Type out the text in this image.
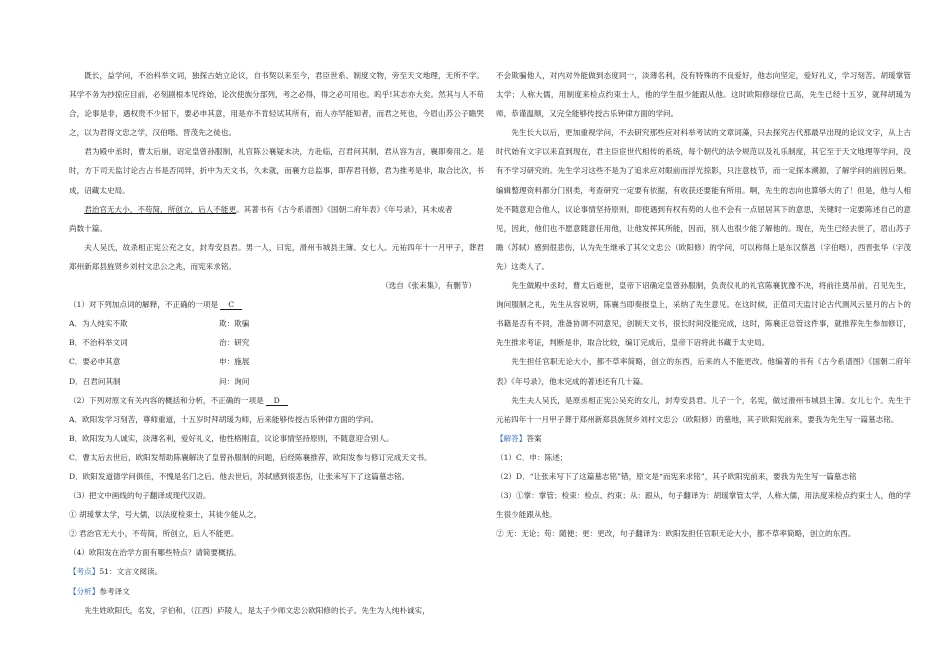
既长，益学问，不治科举文词，独探古始立论议，自书契以来至今，君臣世系、制度文物，旁至天文地理，无所不学。其学不务为抄掠应目前，必刻剧根本见终始，论次使族分部列，考之必得，得之必可用也。呜乎!其志亦大矣。然其与人不苟合，论事是非，遇权贵不少屈下，要必申其意，用是亦不肯轻试其所有，而人亦罕能知者，而君之死也，今眉山苏公子瞻哭之，以为君得文忠之学，汉伯喈、晋茂先之徒也。

君为殿中丞时，曹太后崩，诏定皇曾孙服制，礼官陈公襄疑未决，方赴临，召君问其制，君从容为言，襄即奏用之。是时，方下司天监讨论古占书是否同异，折中为天文书，久未就，而襄方总监事，即荐君刊修，君为推考是非，取合比次，书成，诏藏太史局。

君治官无大小，不苟简，所创立，后人不能更。其著书有《古今系谱图》《国朝二府年表》《年号录》，其未成者

尚数十篇。

夫人吴氏，故杀相正宪公充之女，封寿安县君。男一人，曰宪，滑州韦城县主簿。女七人。元祐四年十一月甲子，葬君郑州新郑县旌贤乡刘村文忠公之兆，而宪来求铭。

（选自《张耒集》，有删节）

（1）对下列加点词的解释，不正确的一项是 C

A．为人纯实不欺	欺：欺骗

B．不治科举文词	治：研究

C．要必申其意	申：施展

D．召君问其制	问：询问

（2）下列对原文有关内容的概括和分析，不正确的一项是 D

A．欧阳发学习刻苦，尊师重道，十五岁时拜胡瑗为师，后来能够传授古乐钟律方面的学问。

B．欧阳发为人诚实，淡薄名利，爱好礼义，他性格刚直，议论事情坚持原则，不随意迎合别人。

C．曹太后去世后，欧阳发帮助陈襄解决了皇曾孙服制的问题，后经陈襄推荐，欧阳发参与修订完成天文书。

D．欧阳发道德学问俱佳，不愧是名门之后。他去世后，苏轼感到很悲伤，让张耒写下了这篇墓志铭。

（3）把文中画线的句子翻译成现代汉语。

① 胡瑗掌太学，号大儒，以法度检束士，其徒少能从之。

② 君治官无大小，不苟简，所创立，后人不能更。

（4）欧阳发在治学方面有哪些特点？请简要概括。

【考点】51：文言文阅读。

【分析】参考译文

先生姓欧阳氏，名发，字伯和，（江西）庐陵人，是太子少师文忠公欧阳修的长子。先生为人纯朴诚实，

不会欺骗他人，对内对外能做到态度同一，淡薄名利，没有特殊的不良爱好，他志向坚定，爱好礼义，学习刻苦。胡瑗掌管太学；人称大儒，用制度来检点约束士人，他的学生很少能跟从他。这时欧阳修绿位已高，先生已经十五岁，就拜胡瑗为师，恭谨温顺，又完全能够传授古乐钟律方面的学问。

先生长大以后，更加重视学问，不去研究那些应对科举考试的文章词藻，只去探究古代那最早出现的论议文字，从上古时代始有文字以来直到现在，君主臣宦世代相传的系统，每个朝代的法令规范以及礼乐制度，其它至于天文地理等学问，没有不学习研究的。先生学习这些不是为了追求应对眼前而浮光掠影，只注意枝节，而一定探本溯源，了解学问的前因后果。编辑整理资料都分门别类，考查研究一定要有依据，有收获还要能有所用。啊，先生的志向也算够大的了！但是，他与人相处不随意迎合他人，议论事情坚持原则，即使遇到有权有势的人也不会有一点屈居其下的意思，关键时一定要陈述自己的意见，因此，他们也不愿意随意任用他，让他发挥其所能，因而，别人也很少能了解他的。现在，先生已经去世了，眉山苏子瞻（苏轼）感到很悲伤，认为先生继承了其父文忠公（欧阳修）的学问，可以称得上是东汉蔡邕（字伯喈），西晋张华（字茂先）这类人了。

先生做殿中丞时，曹太后逝世，皇帝下诏确定皇曾孙服制，负责仪礼的礼官陈襄犹豫不决，将前往奠吊前，召见先生，询问服制之礼，先生从容说明，陈襄当即奏报皇上，采纳了先生意见。在这时候，正值司天监讨论古代测风云星月的占卜的书籍是否有不同，准备协调不同意见，创制天文书，很长时间没能完成，这时，陈襄正总管这件事，就推荐先生参加修订，先生推求考证，判断是非，取合比较，编订完成后，皇帝下诏将此书藏于太史局。

先生担任官职无论大小，都不草率简略，创立的东西，后来的人不能更改。他编著的书有《古今系谱图》《国朝二府年表》《年号录》，他未完成的著述还有几十篇。

先生夫人吴氏，是原丞相正宪公吴充的女儿，封寿安县君。儿子一个，名宪，做过滑州韦城县主簿。女儿七个。先生于元祐四年十一月甲子葬于郑州新郑县旌贤乡刘村文忠公（欧阳修）的墓地，其子欧阳宪前来，要我为先生写一篇墓志铭。

【解答】答案

（1）C．申：陈述；

（2）D．“让张耒写下了这篇墓志铭”错，原文是“而宪来求铭”，其子欧阳宪前来，要我为先生写一篇墓志铭

（3）①掌：掌管；检束：检点、约束；从：跟从，句子翻译为：胡瑗掌管太学，人称大儒，用法度来检点约束士人，他的学生很少能跟从他。

② 无：无论；苟：随便；更：更改，句子翻译为：欧阳发担任官职无论大小，都不草率简略，创立的东西。
